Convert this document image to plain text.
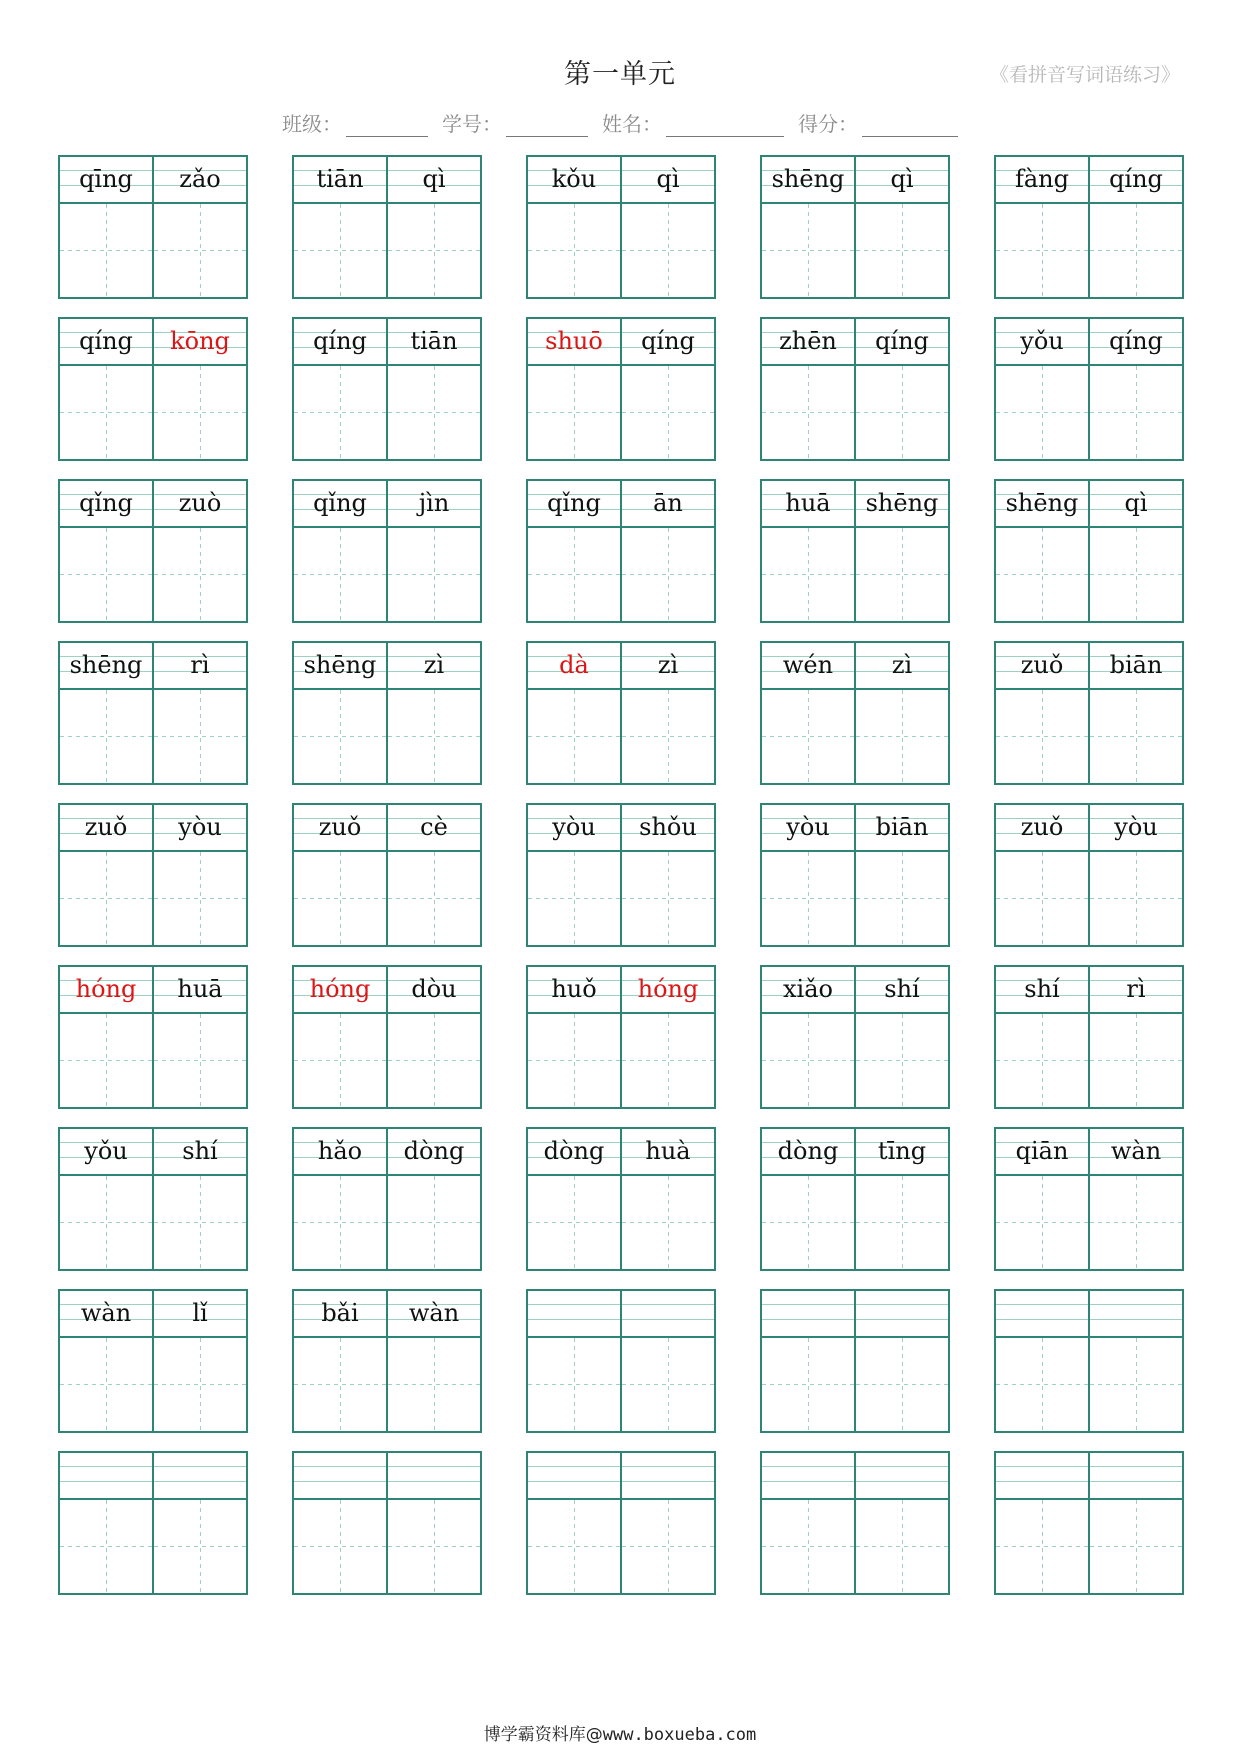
第一单元	《看拼音写词语练习》
班级：	学号：	姓名：	得分：
qīng	zǎo	tiān	qì	kǒu	qì	shēng	qì	fàng	qíng
qíng	kōng	qíng	tiān	shuō	qíng	zhēn	qíng	yǒu	qíng
qǐng	zuò	qǐng	jìn	qǐng	ān	huā	shēng	shēng	qì
shēng	rì	shēng	zì	dà	zì	wén	zì	zuǒ	biān
zuǒ	yòu	zuǒ	cè	yòu	shǒu	yòu	biān	zuǒ	yòu
hóng	huā	hóng	dòu	huǒ	hóng	xiǎo	shí	shí	rì
yǒu	shí	hǎo	dòng	dòng	huà	dòng	tīng	qiān	wàn
wàn	lǐ	bǎi	wàn
博学霸资料库@www.boxueba.com
